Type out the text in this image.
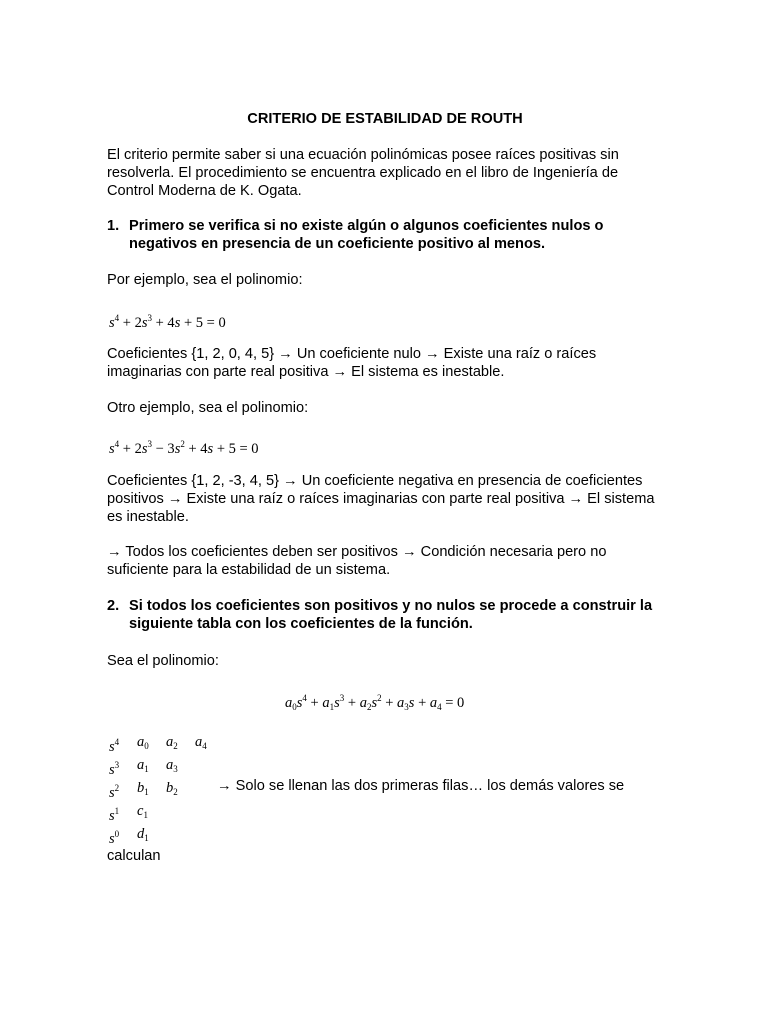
CRITERIO DE ESTABILIDAD DE ROUTH

El criterio permite saber si una ecuación polinómicas posee raíces positivas sin resolverla. El procedimiento se encuentra explicado en el libro de Ingeniería de Control Moderna de K. Ogata.

1. Primero se verifica si no existe algún o algunos coeficientes nulos o negativos en presencia de un coeficiente positivo al menos.

Por ejemplo, sea el polinomio:

$s^4 + 2s^3 + 4s + 5 = 0$

Coeficientes {1, 2, 0, 4, 5} → Un coeficiente nulo → Existe una raíz o raíces imaginarias con parte real positiva → El sistema es inestable.

Otro ejemplo, sea el polinomio:

$s^4 + 2s^3 - 3s^2 + 4s + 5 = 0$

Coeficientes {1, 2, -3, 4, 5} → Un coeficiente negativa en presencia de coeficientes positivos → Existe una raíz o raíces imaginarias con parte real positiva → El sistema es inestable.

→ Todos los coeficientes deben ser positivos → Condición necesaria pero no suficiente para la estabilidad de un sistema.

2. Si todos los coeficientes son positivos y no nulos se procede a construir la siguiente tabla con los coeficientes de la función.

Sea el polinomio:

$a_0s^4 + a_1s^3 + a_2s^2 + a_3s + a_4 = 0$
$s^4$ $a_0$ $a_2$ $a_4$
$s^3$ $a_1$ $a_3$
$s^2$ $b_1$ $b_2$
$s^1$ $c_1$
$s^0$ $d_1$
→ Solo se llenan las dos primeras filas… los demás valores se
calculan
